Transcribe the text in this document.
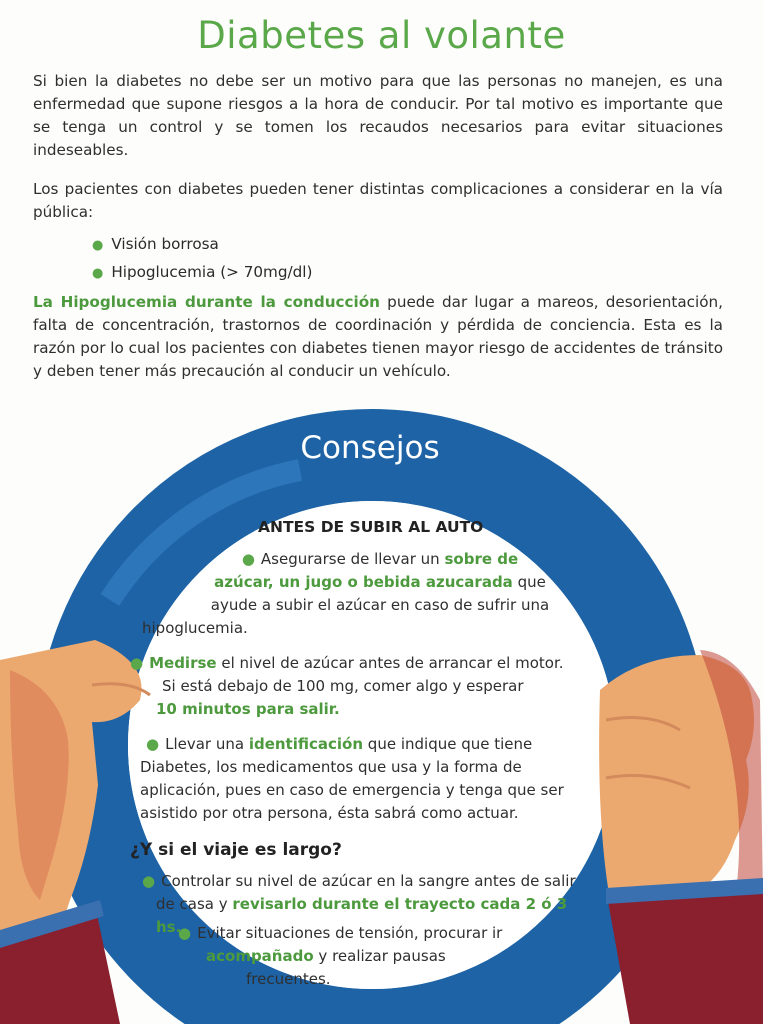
Diabetes al volante
Si bien la diabetes no debe ser un motivo para que las personas no manejen, es una enfermedad que supone riesgos a la hora de conducir. Por tal motivo es importante que se tenga un control y se tomen los recaudos necesarios para evitar situaciones indeseables.
Los pacientes con diabetes pueden tener distintas complicaciones a considerar en la vía pública:
● Visión borrosa
● Hipoglucemia (> 70mg/dl)
La Hipoglucemia durante la conducción puede dar lugar a mareos, desorientación, falta de concentración, trastornos de coordinación y pérdida de conciencia. Esta es la razón por lo cual los pacientes con diabetes tienen mayor riesgo de accidentes de tránsito y deben tener más precaución al conducir un vehículo.
Consejos
ANTES DE SUBIR AL AUTO
● Asegurarse de llevar un sobre de
azúcar, un jugo o bebida azucarada que
ayude a subir el azúcar en caso de sufrir una
hipoglucemia.
● Medirse el nivel de azúcar antes de arrancar el motor.
Si está debajo de 100 mg, comer algo y esperar
10 minutos para salir.
● Llevar una identificación que indique que tiene
Diabetes, los medicamentos que usa y la forma de
aplicación, pues en caso de emergencia y tenga que ser
asistido por otra persona, ésta sabrá como actuar.
¿Y si el viaje es largo?
● Controlar su nivel de azúcar en la sangre antes de salir
de casa y revisarlo durante el trayecto cada 2 ó 3 hs.
● Evitar situaciones de tensión, procurar ir
acompañado y realizar pausas
frecuentes.
